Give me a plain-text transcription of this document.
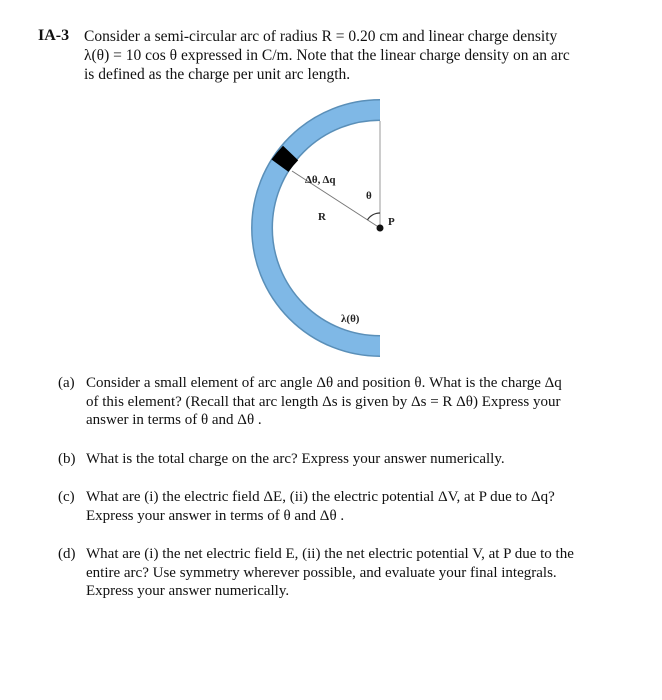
IA-3 Consider a semi-circular arc of radius R = 0.20 cm and linear charge density
λ(θ) = 10 cos θ expressed in C/m. Note that the linear charge density on an arc
is defined as the charge per unit arc length.
Δθ, Δq
θ
R	P
λ(θ)
(a) Consider a small element of arc angle Δθ and position θ. What is the charge Δq
of this element? (Recall that arc length Δs is given by Δs = R Δθ) Express your
answer in terms of θ and Δθ .
(b) What is the total charge on the arc? Express your answer numerically.
(c) What are (i) the electric field ΔE, (ii) the electric potential ΔV, at P due to Δq?
Express your answer in terms of θ and Δθ .
(d) What are (i) the net electric field E, (ii) the net electric potential V, at P due to the
entire arc? Use symmetry wherever possible, and evaluate your final integrals.
Express your answer numerically.
